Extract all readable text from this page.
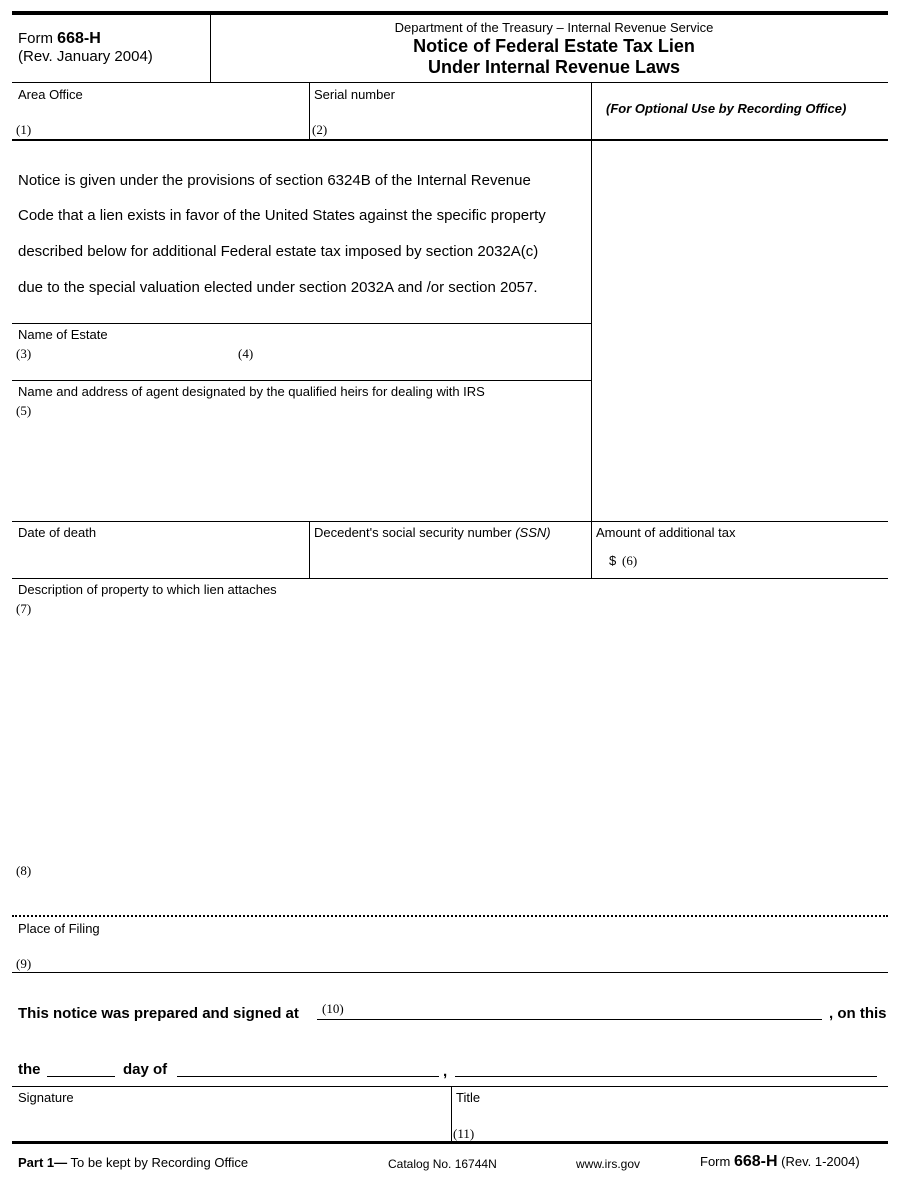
Form 668-H
(Rev. January 2004)
Department of the Treasury – Internal Revenue Service
Notice of Federal Estate Tax Lien
Under Internal Revenue Laws
Area Office
(1)
Serial number
(2)
(For Optional Use by Recording Office)
Notice is given under the provisions of section 6324B of the Internal Revenue
Code that a lien exists in favor of the United States against the specific property
described below for additional Federal estate tax imposed by section 2032A(c)
due to the special valuation elected under section 2032A and /or section 2057.
Name of Estate
(3)	(4)
Name and address of agent designated by the qualified heirs for dealing with IRS
(5)
Date of death	Decedent's social security number (SSN)	Amount of additional tax
$ (6)
Description of property to which lien attaches
(7)
(8)
Place of Filing
(9)
This notice was prepared and signed at (10)	, on this
the	day of	,
Signature	Title
(11)
Part 1— To be kept by Recording Office	Catalog No. 16744N	www.irs.gov	Form 668-H (Rev. 1-2004)
